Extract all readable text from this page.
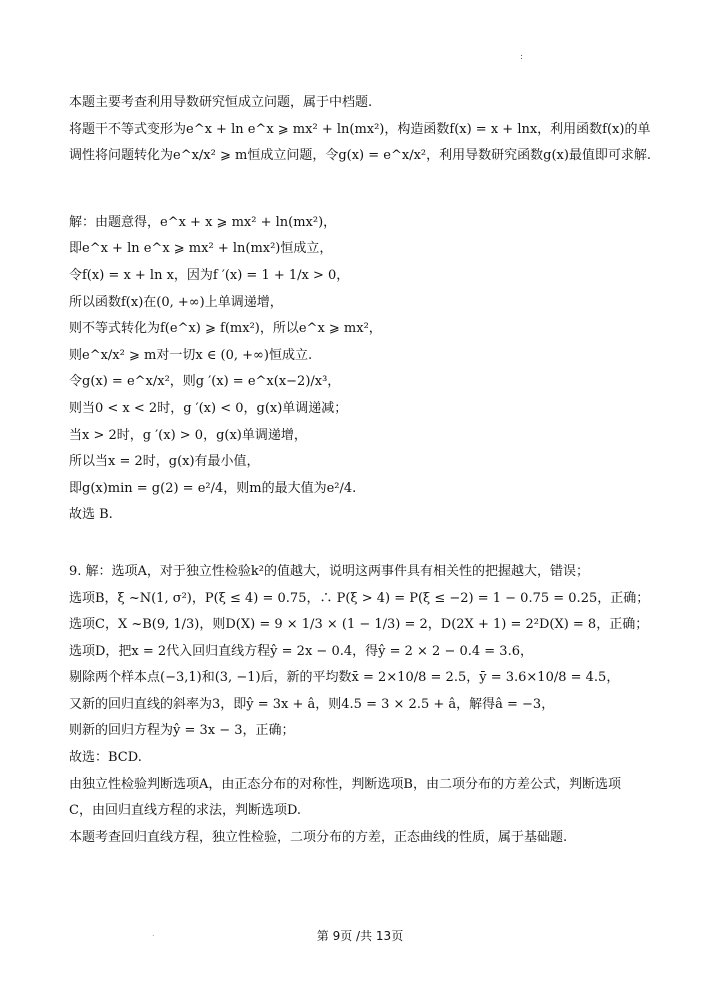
:
本题主要考查利用导数研究恒成立问题，属于中档题.
将题干不等式变形为e^x + ln e^x ⩾ mx² + ln(mx²)，构造函数f(x) = x + lnx，利用函数f(x)的单
调性将问题转化为e^x/x² ⩾ m恒成立问题，令g(x) = e^x/x²，利用导数研究函数g(x)最值即可求解.
解：由题意得，e^x + x ⩾ mx² + ln(mx²)，
即e^x + ln e^x ⩾ mx² + ln(mx²)恒成立，
令f(x) = x + ln x，因为f ′(x) = 1 + 1/x > 0，
所以函数f(x)在(0, +∞)上单调递增，
则不等式转化为f(e^x) ⩾ f(mx²)，所以e^x ⩾ mx²，
则e^x/x² ⩾ m对一切x ∈ (0, +∞)恒成立.
令g(x) = e^x/x²，则g ′(x) = e^x(x−2)/x³，
则当0 < x < 2时，g ′(x) < 0，g(x)单调递减；
当x > 2时，g ′(x) > 0，g(x)单调递增，
所以当x = 2时，g(x)有最小值，
即g(x)min = g(2) = e²/4，则m的最大值为e²/4.
故选 B.
9. 解：选项A，对于独立性检验k²的值越大，说明这两事件具有相关性的把握越大，错误；
选项B，ξ ~N(1, σ²)，P(ξ ≤ 4) = 0.75，∴ P(ξ > 4) = P(ξ ≤ −2) = 1 − 0.75 = 0.25，正确；
选项C，X ~B(9, 1/3)，则D(X) = 9 × 1/3 × (1 − 1/3) = 2，D(2X + 1) = 2²D(X) = 8，正确；
选项D，把x = 2代入回归直线方程ŷ = 2x − 0.4，得ŷ = 2 × 2 − 0.4 = 3.6，
剔除两个样本点(−3,1)和(3, −1)后，新的平均数x̄ = 2×10/8 = 2.5，ȳ = 3.6×10/8 = 4.5，
又新的回归直线的斜率为3，即ŷ = 3x + â，则4.5 = 3 × 2.5 + â，解得â = −3，
则新的回归方程为ŷ = 3x − 3，正确；
故选：BCD.
由独立性检验判断选项A，由正态分布的对称性，判断选项B，由二项分布的方差公式，判断选项
C，由回归直线方程的求法，判断选项D.
本题考查回归直线方程，独立性检验，二项分布的方差，正态曲线的性质，属于基础题.
.	第 9页 /共 13页
